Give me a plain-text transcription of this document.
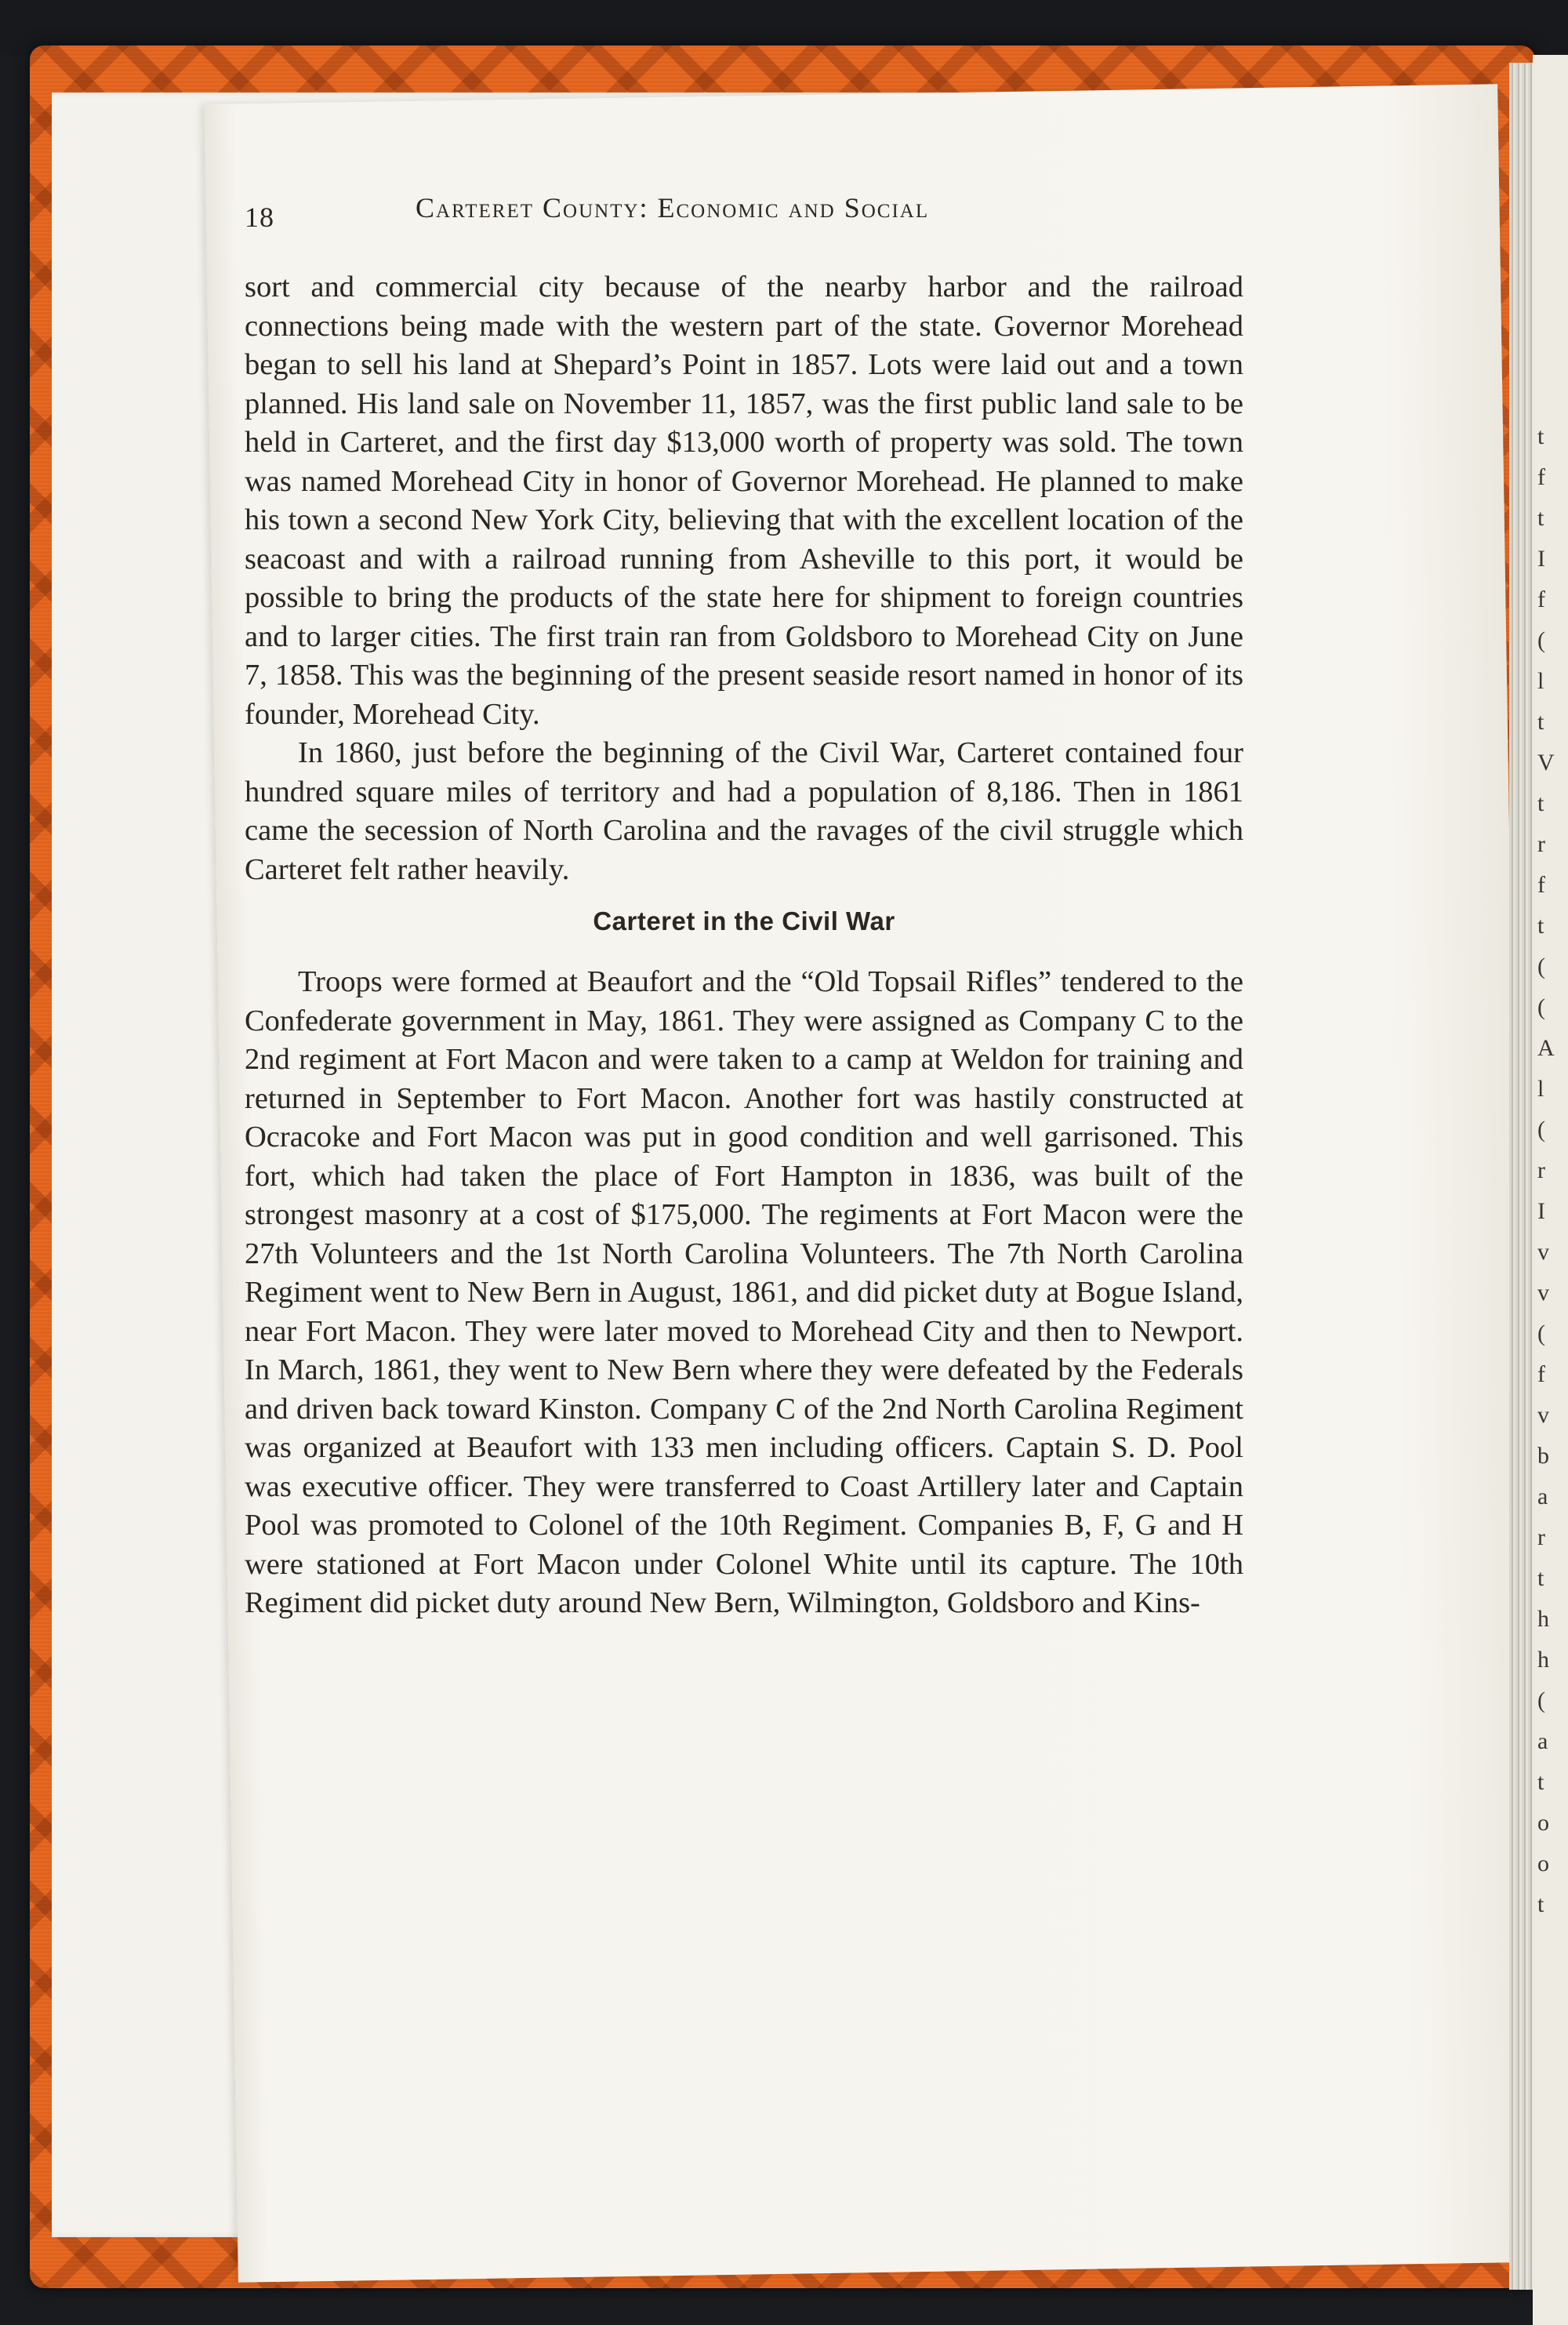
t
f
t
I
f
(
l
t
V
t
r
f
t
(
(
A
l
(
r
I
v
v
(
f
v
b
a
r
t
h
h
(
a
t
o
o
t
18	Carteret County: Economic and Social

sort and commercial city because of the nearby harbor and the railroad connections being made with the western part of the state. Governor Morehead began to sell his land at Shepard’s Point in 1857. Lots were laid out and a town planned. His land sale on November 11, 1857, was the first public land sale to be held in Carteret, and the first day $13,000 worth of property was sold. The town was named Morehead City in honor of Governor Morehead. He planned to make his town a second New York City, believing that with the excellent location of the seacoast and with a railroad running from Asheville to this port, it would be possible to bring the products of the state here for shipment to foreign countries and to larger cities. The first train ran from Goldsboro to Morehead City on June 7, 1858. This was the beginning of the present seaside resort named in honor of its founder, Morehead City.

In 1860, just before the beginning of the Civil War, Carteret contained four hundred square miles of territory and had a population of 8,186. Then in 1861 came the secession of North Carolina and the ravages of the civil struggle which Carteret felt rather heavily.

Carteret in the Civil War

Troops were formed at Beaufort and the “Old Topsail Rifles” tendered to the Confederate government in May, 1861. They were assigned as Company C to the 2nd regiment at Fort Macon and were taken to a camp at Weldon for training and returned in September to Fort Macon. Another fort was hastily constructed at Ocracoke and Fort Macon was put in good condition and well garrisoned. This fort, which had taken the place of Fort Hampton in 1836, was built of the strongest masonry at a cost of $175,000. The regiments at Fort Macon were the 27th Volunteers and the 1st North Carolina Volunteers. The 7th North Carolina Regiment went to New Bern in August, 1861, and did picket duty at Bogue Island, near Fort Macon. They were later moved to Morehead City and then to Newport. In March, 1861, they went to New Bern where they were defeated by the Federals and driven back toward Kinston. Company C of the 2nd North Carolina Regiment was organized at Beaufort with 133 men including officers. Captain S. D. Pool was executive officer. They were transferred to Coast Artillery later and Captain Pool was promoted to Colonel of the 10th Regiment. Companies B, F, G and H were stationed at Fort Macon under Colonel White until its capture. The 10th Regiment did picket duty around New Bern, Wilmington, Goldsboro and Kins-
